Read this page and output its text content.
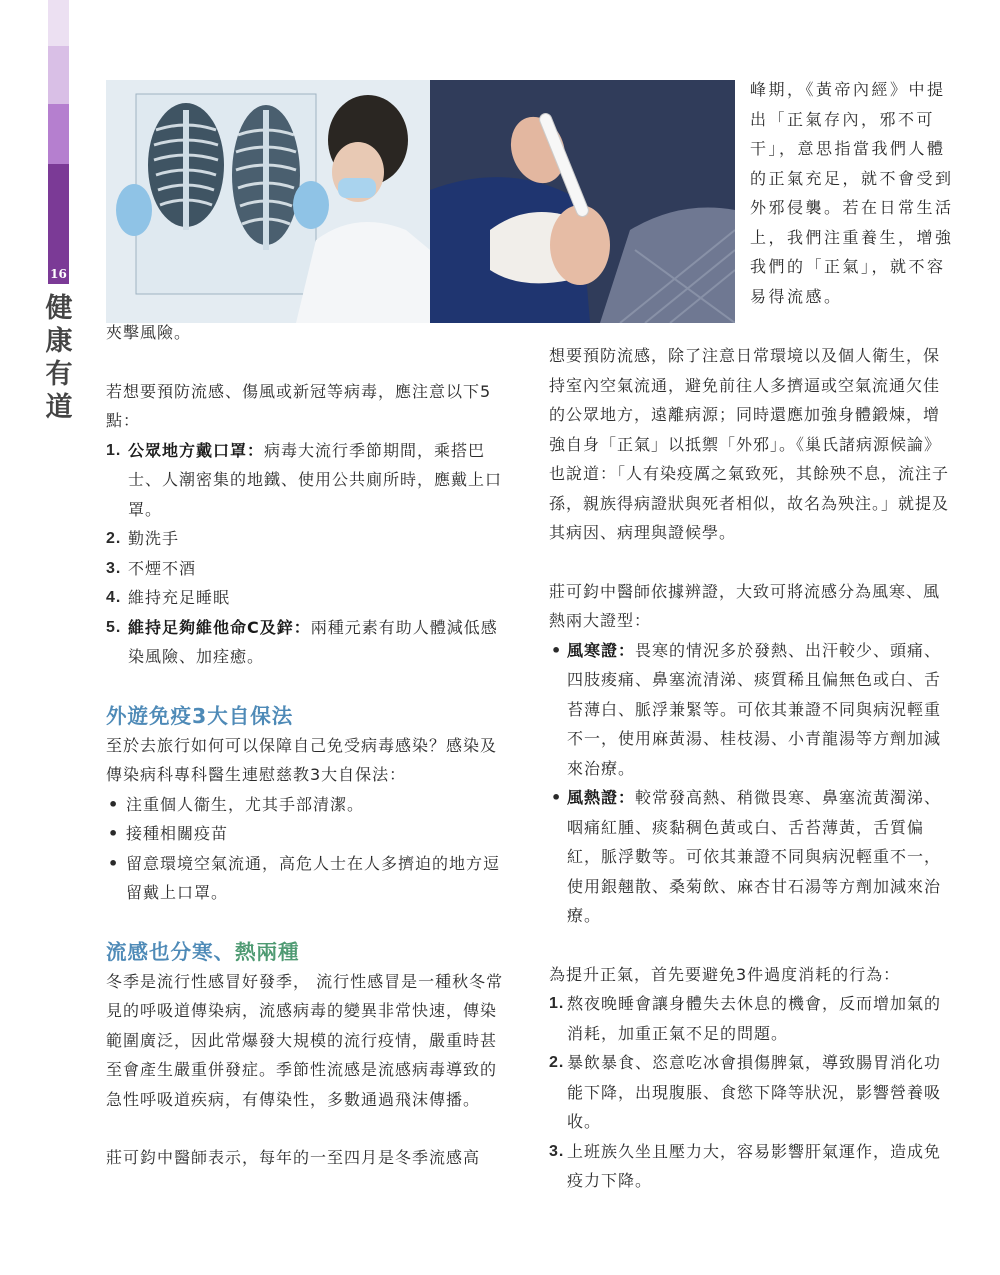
16
健
康
有
道

夾擊風險。

若想要預防流感、傷風或新冠等病毒，應注意以下5點：

1. 公眾地方戴口罩：病毒大流行季節期間，乘搭巴士、人潮密集的地鐵、使用公共廁所時，應戴上口罩。
2. 勤洗手
3. 不煙不酒
4. 維持充足睡眠
5. 維持足夠維他命C及鋅：兩種元素有助人體減低感染風險、加痊癒。
外遊免疫3大自保法

至於去旅行如何可以保障自己免受病毒感染？感染及傳染病科專科醫生連慰慈教3大自保法：

• 注重個人衞生，尤其手部清潔。
• 接種相關疫苗
• 留意環境空氣流通，高危人士在人多擠迫的地方逗留戴上口罩。
流感也分寒、熱兩種

冬季是流行性感冒好發季， 流行性感冒是一種秋冬常見的呼吸道傳染病，流感病毒的變異非常快速，傳染範圍廣泛，因此常爆發大規模的流行疫情，嚴重時甚至會產生嚴重併發症。季節性流感是流感病毒導致的急性呼吸道疾病，有傳染性，多數通過飛沫傳播。

莊可鈞中醫師表示，每年的一至四月是冬季流感高

峰期，《黃帝內經》中提出「正氣存內，邪不可干」，意思指當我們人體的正氣充足，就不會受到外邪侵襲。若在日常生活上，我們注重養生，增強我們的「正氣」，就不容易得流感。

想要預防流感，除了注意日常環境以及個人衛生，保持室內空氣流通，避免前往人多擠逼或空氣流通欠佳的公眾地方，遠離病源；同時還應加強身體鍛煉，增強自身「正氣」以抵禦「外邪」。《巢氏諸病源候論》也說道：「人有染疫厲之氣致死，其餘殃不息，流注子孫，親族得病證狀與死者相似，故名為殃注。」就提及其病因、病理與證候學。

莊可鈞中醫師依據辨證，大致可將流感分為風寒、風熱兩大證型：

• 風寒證：畏寒的情況多於發熱、出汗較少、頭痛、四肢痠痛、鼻塞流清涕、痰質稀且偏無色或白、舌苔薄白、脈浮兼緊等。可依其兼證不同與病況輕重不一，使用麻黃湯、桂枝湯、小青龍湯等方劑加減來治療。
• 風熱證：較常發高熱、稍微畏寒、鼻塞流黃濁涕、咽痛紅腫、痰黏稠色黃或白、舌苔薄黃，舌質偏紅，脈浮數等。可依其兼證不同與病況輕重不一，使用銀翹散、桑菊飲、麻杏甘石湯等方劑加減來治療。

為提升正氣，首先要避免3件過度消耗的行為：

1. 熬夜晚睡會讓身體失去休息的機會，反而增加氣的消耗，加重正氣不足的問題。
2. 暴飲暴食、恣意吃冰會損傷脾氣，導致腸胃消化功能下降，出現腹脹、食慾下降等狀況，影響營養吸收。
3. 上班族久坐且壓力大，容易影響肝氣運作，造成免疫力下降。
